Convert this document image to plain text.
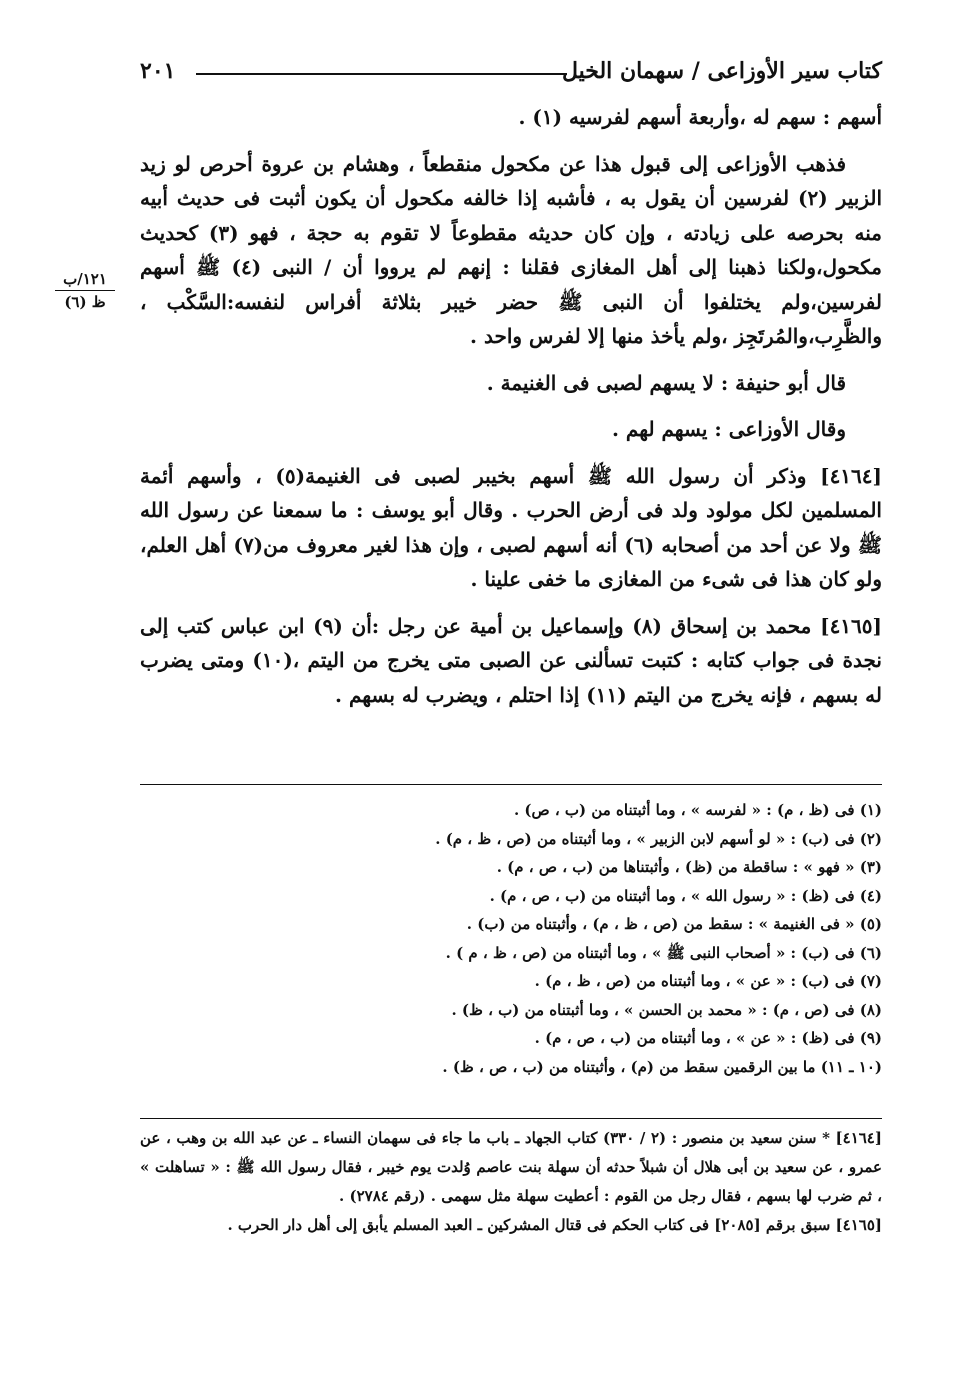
كتاب سير الأوزاعى / سهمان الخيل
٢٠١
١٢١/ب
ظ (٦)

أسهم : سهم له ،وأربعة أسهم لفرسيه (١) .

فذهب الأوزاعى إلى قبول هذا عن مكحول منقطعاً ، وهشام بن عروة أحرص لو زيد الزبير (٢) لفرسين أن يقول به ، فأشبه إذا خالفه مكحول أن يكون أثبت فى حديث أبيه منه بحرصه على زيادته ، وإن كان حديثه مقطوعاً لا تقوم به حجة ، فهو (٣) كحديث مكحول،ولكنا ذهبنا إلى أهل المغازى فقلنا : إنهم لم يرووا أن / النبى (٤) ﷺ أسهم لفرسين،ولم يختلفوا أن النبى ﷺ حضر خيبر بثلاثة أفراس لنفسه:السَّكْب ، والظَّرِب،والمُرتَجِز ،ولم يأخذ منها إلا لفرس واحد .

قال أبو حنيفة : لا يسهم لصبى فى الغنيمة .

وقال الأوزاعى : يسهم لهم .

[٤١٦٤] وذكر أن رسول الله ﷺ أسهم بخيبر لصبى فى الغنيمة(٥) ، وأسهم أئمة المسلمين لكل مولود ولد فى أرض الحرب . وقال أبو يوسف : ما سمعنا عن رسول الله ﷺ ولا عن أحد من أصحابه (٦) أنه أسهم لصبى ، وإن هذا لغير معروف من(٧) أهل العلم، ولو كان هذا فى شىء من المغازى ما خفى علينا .

[٤١٦٥] محمد بن إسحاق (٨) وإسماعيل بن أمية عن رجل :أن (٩) ابن عباس كتب إلى نجدة فى جواب كتابه : كتبت تسألنى عن الصبى متى يخرج من اليتم ،(١٠) ومتى يضرب له بسهم ، فإنه يخرج من اليتم (١١) إذا احتلم ، ويضرب له بسهم .

(١) فى (ظ ، م) : « لفرسه » ، وما أثبتناه من (ب ، ص) .
(٢) فى (ب) : « لو أسهم لابن الزبير » ، وما أثبتناه من (ص ، ظ ، م) .
(٣) « فهو » : ساقطة من (ظ) ، وأثبتناها من (ب ، ص ، م) .
(٤) فى (ظ) : « رسول الله » ، وما أثبتناه من (ب ، ص ، م) .
(٥) « فى الغنيمة » : سقط من (ص ، ظ ، م) ، وأثبتناه من (ب) .
(٦) فى (ب) : « أصحاب النبى ﷺ » ، وما أثبتناه من (ص ، ظ ، م ) .
(٧) فى (ب) : « عن » ، وما أثبتناه من (ص ، ظ ، م) .
(٨) فى (ص ، م) : « محمد بن الحسن » ، وما أثبتناه من (ب ، ظ) .
(٩) فى (ظ) : « عن » ، وما أثبتناه من (ب ، ص ، م) .
(١٠ ـ ١١) ما بين الرقمين سقط من (م) ، وأثبتناه من (ب ، ص ، ظ) .

[٤١٦٤] * سنن سعيد بن منصور : (٢ / ٣٣٠) كتاب الجهاد ـ باب ما جاء فى سهمان النساء ـ عن عبد الله بن وهب ، عن عمرو ، عن سعيد بن أبى هلال أن شبلاً حدثه أن سهلة بنت عاصم وُلدت يوم خيبر ، فقال رسول الله ﷺ : « تساهلت » ، ثم ضرب لها بسهم ، فقال رجل من القوم : أعطيت سهلة مثل سهمى . (رقم ٢٧٨٤) .

[٤١٦٥] سبق برقم [٢٠٨٥] فى كتاب الحكم فى قتال المشركين ـ العبد المسلم يأبق إلى أهل دار الحرب .
